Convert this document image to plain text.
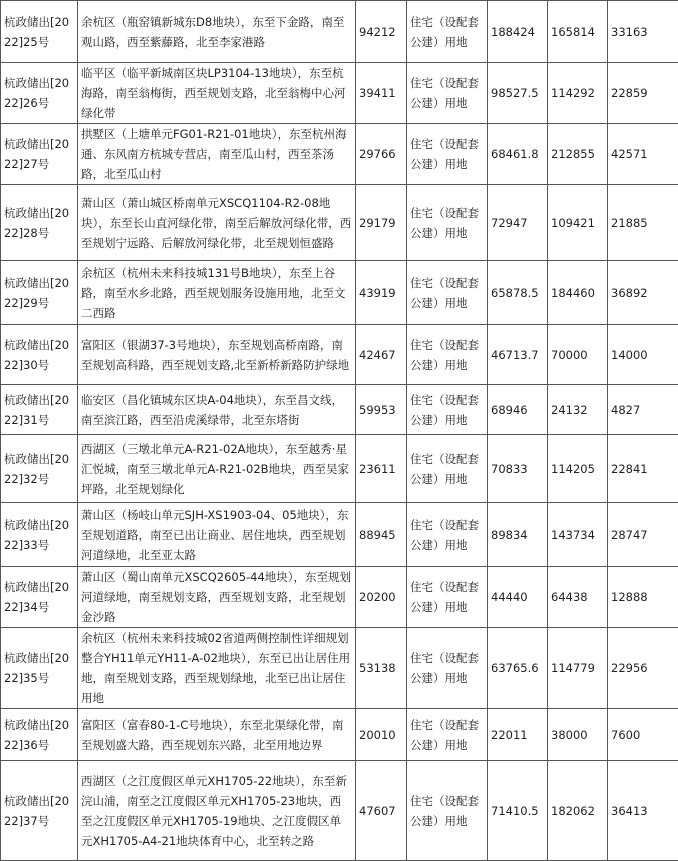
杭政储出[2022]25号	余杭区（瓶窑镇新城东D8地块），东至下金路，南至观山路，西至紫藤路，北至李家港路	94212	住宅（设配套公建）用地	188424	165814	33163
杭政储出[2022]26号	临平区（临平新城南区块LP3104-13地块），东至杭海路，南至翁梅街，西至规划支路，北至翁梅中心河绿化带	39411	住宅（设配套公建）用地	98527.5	114292	22859
杭政储出[2022]27号	拱墅区（上塘单元FG01-R21-01地块），东至杭州海通、东风南方杭城专营店，南至瓜山村，西至茶汤路，北至瓜山村	29766	住宅（设配套公建）用地	68461.8	212855	42571
杭政储出[2022]28号	萧山区（萧山城区桥南单元XSCQ1104-R2-08地块），东至长山直河绿化带，南至后解放河绿化带，西至规划宁远路、后解放河绿化带，北至规划恒盛路	29179	住宅（设配套公建）用地	72947	109421	21885
杭政储出[2022]29号	余杭区（杭州未来科技城131号B地块），东至上谷路，南至水乡北路，西至规划服务设施用地，北至文二西路	43919	住宅（设配套公建）用地	65878.5	184460	36892
杭政储出[2022]30号	富阳区（银湖37-3号地块），东至规划高桥南路，南至规划高科路，西至规划支路,北至新桥新路防护绿地	42467	住宅（设配套公建）用地	46713.7	70000	14000
杭政储出[2022]31号	临安区（昌化镇城东区块A-04地块），东至昌文线，南至滨江路，西至沿虎溪绿带，北至东塔街	59953	住宅（设配套公建）用地	68946	24132	4827
杭政储出[2022]32号	西湖区（三墩北单元A-R21-02A地块），东至越秀·星汇悦城，南至三墩北单元A-R21-02B地块，西至吴家坪路，北至规划绿化	23611	住宅（设配套公建）用地	70833	114205	22841
杭政储出[2022]33号	萧山区（杨岐山单元SJH-XS1903-04、05地块），东至规划道路，南至已出让商业、居住地块，西至规划河道绿地，北至亚太路	88945	住宅（设配套公建）用地	89834	143734	28747
杭政储出[2022]34号	萧山区（蜀山南单元XSCQ2605-44地块），东至规划河道绿地，南至规划支路，西至规划支路，北至规划金沙路	20200	住宅（设配套公建）用地	44440	64438	12888
杭政储出[2022]35号	余杭区（杭州未来科技城02省道两侧控制性详细规划整合YH11单元YH11-A-02地块），东至已出让居住用地，南至规划支路，西至规划绿地，北至已出让居住用地	53138	住宅（设配套公建）用地	63765.6	114779	22956
杭政储出[2022]36号	富阳区（富春80-1-C号地块），东至北渠绿化带，南至规划盛大路，西至规划东兴路，北至用地边界	20010	住宅（设配套公建）用地	22011	38000	7600
杭政储出[2022]37号	西湖区（之江度假区单元XH1705-22地块），东至新浣山浦，南至之江度假区单元XH1705-23地块，西至之江度假区单元XH1705-19地块、之江度假区单元XH1705-A4-21地块体育中心，北至转之路	47607	住宅（设配套公建）用地	71410.5	182062	36413
